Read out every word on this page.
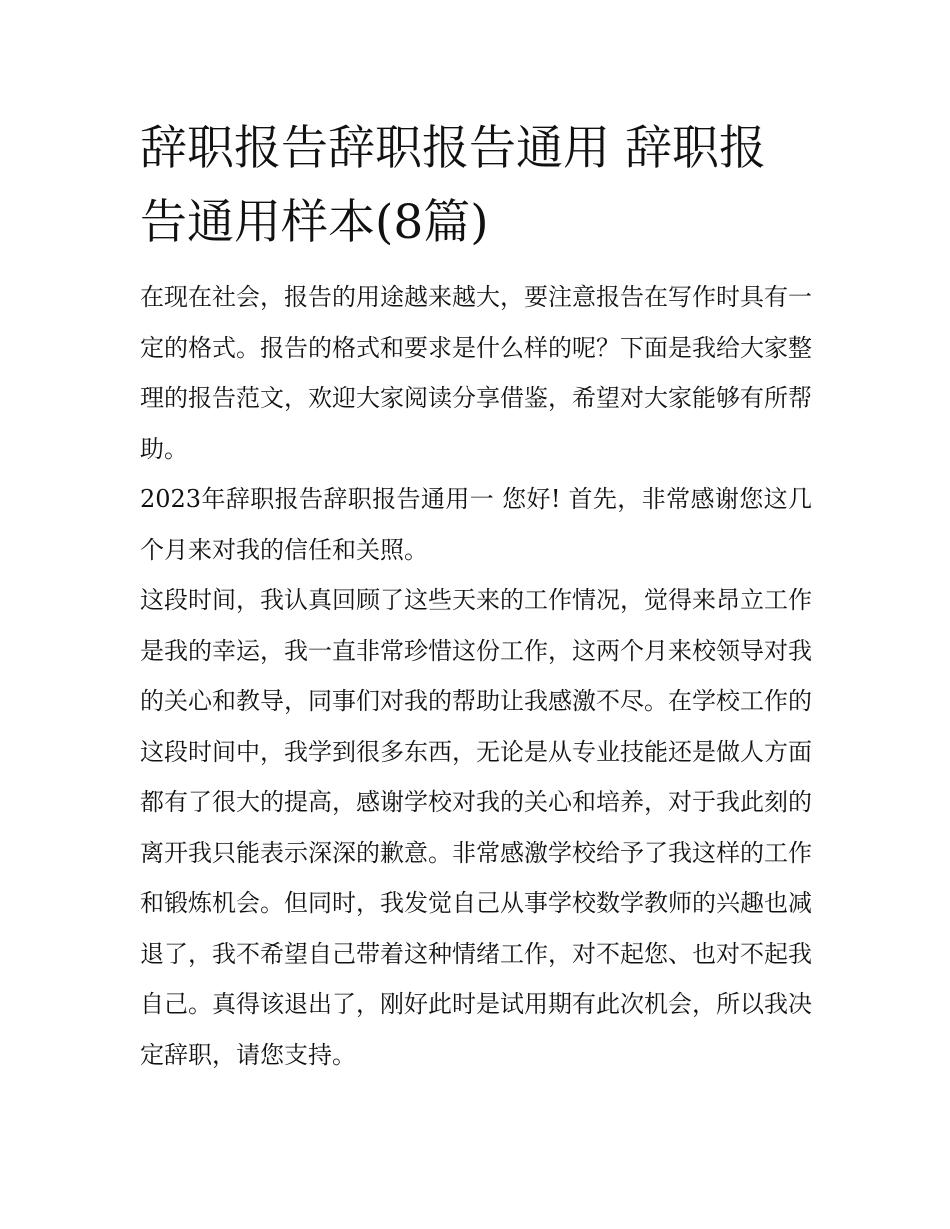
辞职报告辞职报告通用 辞职报告通用样本(8篇)

在现在社会，报告的用途越来越大，要注意报告在写作时具有一定的格式。报告的格式和要求是什么样的呢？下面是我给大家整理的报告范文，欢迎大家阅读分享借鉴，希望对大家能够有所帮助。

2023年辞职报告辞职报告通用一 您好! 首先，非常感谢您这几个月来对我的信任和关照。

这段时间，我认真回顾了这些天来的工作情况，觉得来昂立工作是我的幸运，我一直非常珍惜这份工作，这两个月来校领导对我的关心和教导，同事们对我的帮助让我感激不尽。在学校工作的这段时间中，我学到很多东西，无论是从专业技能还是做人方面都有了很大的提高，感谢学校对我的关心和培养，对于我此刻的离开我只能表示深深的歉意。非常感激学校给予了我这样的工作和锻炼机会。但同时，我发觉自己从事学校数学教师的兴趣也减退了，我不希望自己带着这种情绪工作，对不起您、也对不起我自己。真得该退出了，刚好此时是试用期有此次机会，所以我决定辞职，请您支持。
